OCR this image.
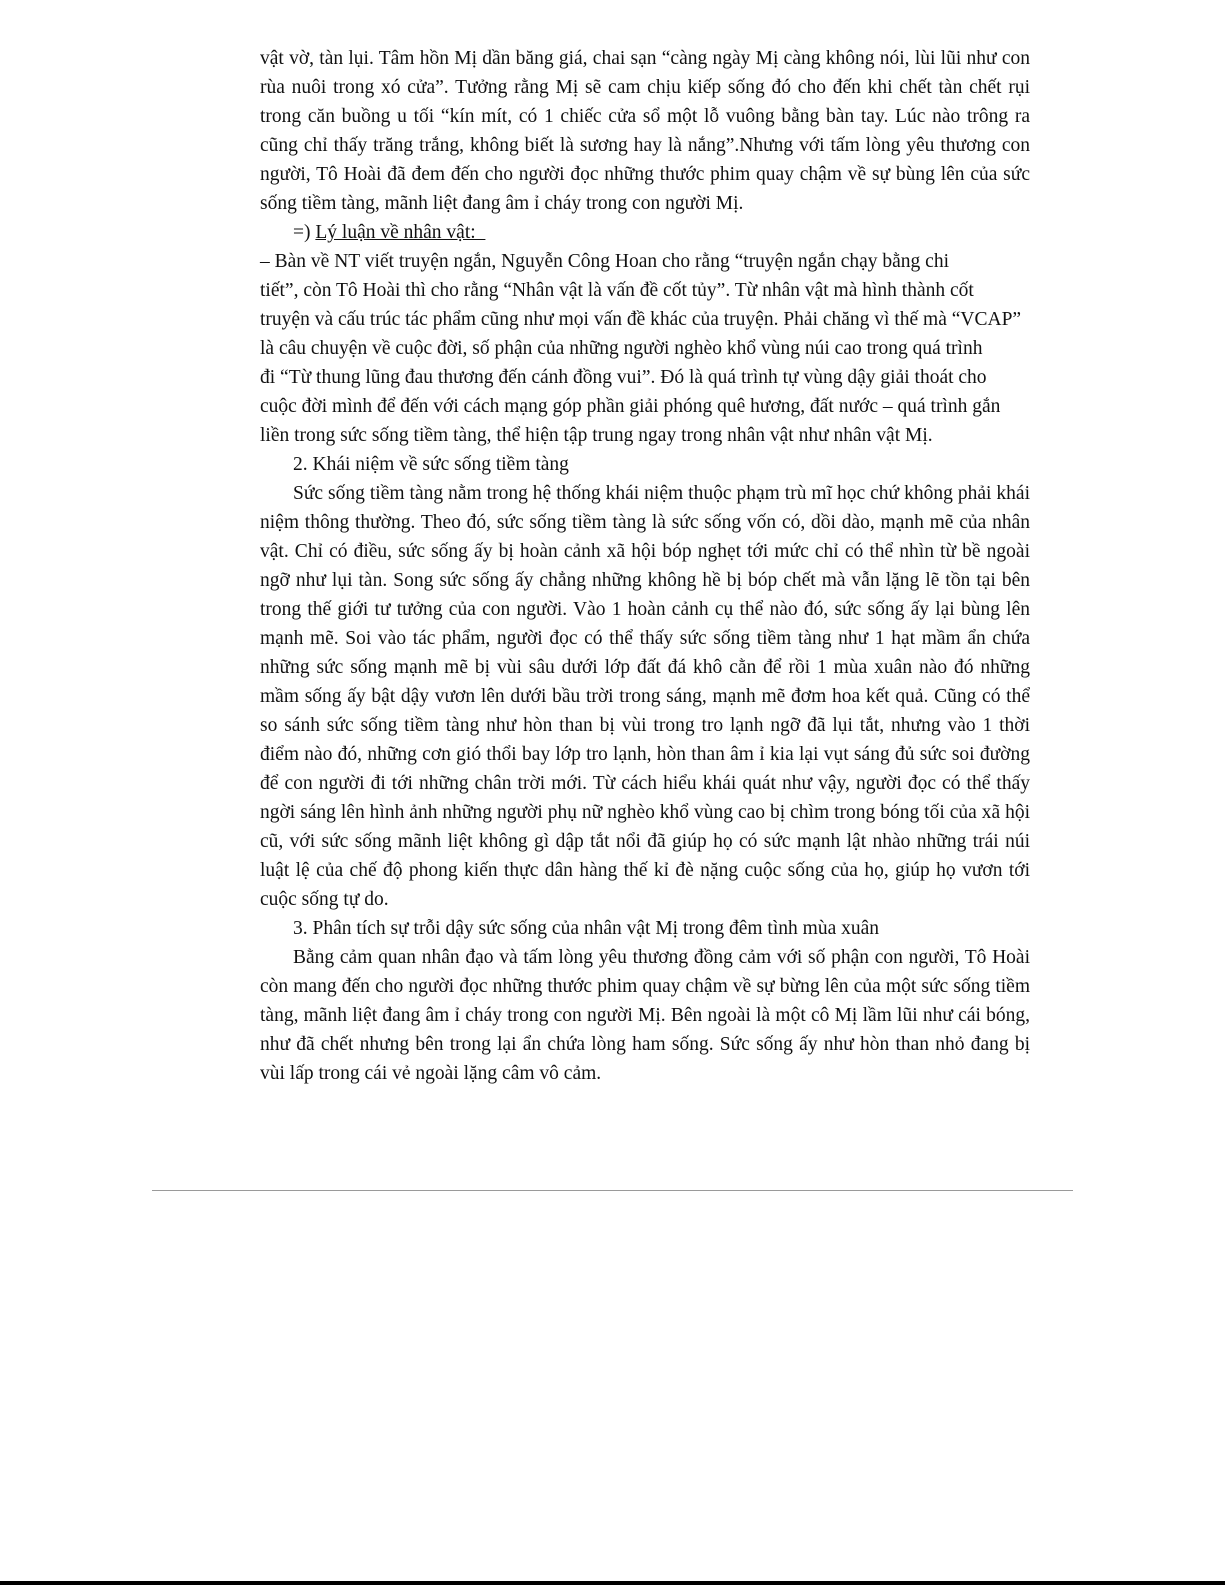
vật vờ, tàn lụi. Tâm hồn Mị dần băng giá, chai sạn “càng ngày Mị càng không nói, lùi lũi như con
rùa nuôi trong xó cửa”. Tưởng rằng Mị sẽ cam chịu kiếp sống đó cho đến khi chết tàn chết rụi
trong căn buồng u tối “kín mít, có 1 chiếc cửa sổ một lỗ vuông bằng bàn tay. Lúc nào trông ra
cũng chỉ thấy trăng trắng, không biết là sương hay là nắng”.Nhưng với tấm lòng yêu thương con
người, Tô Hoài đã đem đến cho người đọc những thước phim quay chậm về sự bùng lên của sức
sống tiềm tàng, mãnh liệt đang âm ỉ cháy trong con người Mị.
=) Lý luận về nhân vật:
– Bàn về NT viết truyện ngắn, Nguyễn Công Hoan cho rằng “truyện ngắn chạy bằng chi
tiết”, còn Tô Hoài thì cho rằng “Nhân vật là vấn đề cốt tủy”. Từ nhân vật mà hình thành cốt
truyện và cấu trúc tác phẩm cũng như mọi vấn đề khác của truyện. Phải chăng vì thế mà “VCAP”
là câu chuyện về cuộc đời, số phận của những người nghèo khổ vùng núi cao trong quá trình
đi “Từ thung lũng đau thương đến cánh đồng vui”. Đó là quá trình tự vùng dậy giải thoát cho
cuộc đời mình để đến với cách mạng góp phần giải phóng quê hương, đất nước – quá trình gắn
liền trong sức sống tiềm tàng, thể hiện tập trung ngay trong nhân vật như nhân vật Mị.
2. Khái niệm về sức sống tiềm tàng
Sức sống tiềm tàng nằm trong hệ thống khái niệm thuộc phạm trù mĩ học chứ không phải khái
niệm thông thường. Theo đó, sức sống tiềm tàng là sức sống vốn có, dồi dào, mạnh mẽ của nhân
vật. Chỉ có điều, sức sống ấy bị hoàn cảnh xã hội bóp nghẹt tới mức chỉ có thể nhìn từ bề ngoài
ngỡ như lụi tàn. Song sức sống ấy chẳng những không hề bị bóp chết mà vẫn lặng lẽ tồn tại bên
trong thế giới tư tưởng của con người. Vào 1 hoàn cảnh cụ thể nào đó, sức sống ấy lại bùng lên
mạnh mẽ. Soi vào tác phẩm, người đọc có thể thấy sức sống tiềm tàng như 1 hạt mầm ẩn chứa
những sức sống mạnh mẽ bị vùi sâu dưới lớp đất đá khô cằn để rồi 1 mùa xuân nào đó những
mầm sống ấy bật dậy vươn lên dưới bầu trời trong sáng, mạnh mẽ đơm hoa kết quả. Cũng có thể
so sánh sức sống tiềm tàng như hòn than bị vùi trong tro lạnh ngỡ đã lụi tắt, nhưng vào 1 thời
điểm nào đó, những cơn gió thổi bay lớp tro lạnh, hòn than âm ỉ kia lại vụt sáng đủ sức soi đường
để con người đi tới những chân trời mới. Từ cách hiểu khái quát như vậy, người đọc có thể thấy
ngời sáng lên hình ảnh những người phụ nữ nghèo khổ vùng cao bị chìm trong bóng tối của xã hội
cũ, với sức sống mãnh liệt không gì dập tắt nổi đã giúp họ có sức mạnh lật nhào những trái núi
luật lệ của chế độ phong kiến thực dân hàng thế kỉ đè nặng cuộc sống của họ, giúp họ vươn tới
cuộc sống tự do.
3. Phân tích sự trỗi dậy sức sống của nhân vật Mị trong đêm tình mùa xuân
Bằng cảm quan nhân đạo và tấm lòng yêu thương đồng cảm với số phận con người, Tô Hoài
còn mang đến cho người đọc những thước phim quay chậm về sự bừng lên của một sức sống tiềm
tàng, mãnh liệt đang âm ỉ cháy trong con người Mị. Bên ngoài là một cô Mị lầm lũi như cái bóng,
như đã chết nhưng bên trong lại ẩn chứa lòng ham sống. Sức sống ấy như hòn than nhỏ đang bị
vùi lấp trong cái vẻ ngoài lặng câm vô cảm.
